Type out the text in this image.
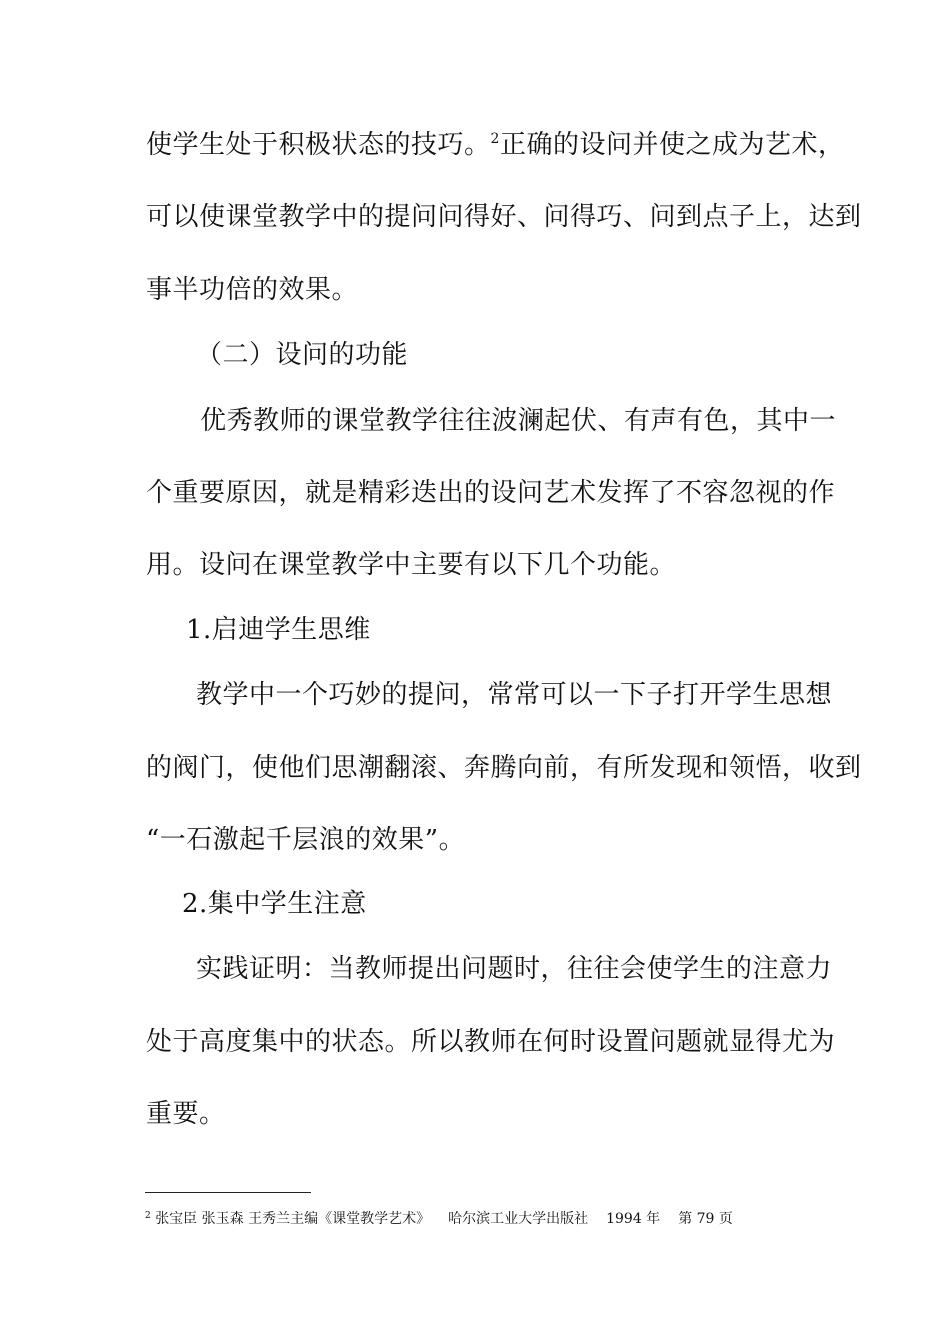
使学生处于积极状态的技巧。$^2$正确的设问并使之成为艺术，
可以使课堂教学中的提问问得好、问得巧、问到点子上，达到
事半功倍的效果。
（二）设问的功能
优秀教师的课堂教学往往波澜起伏、有声有色，其中一
个重要原因，就是精彩迭出的设问艺术发挥了不容忽视的作
用。设问在课堂教学中主要有以下几个功能。
1.启迪学生思维
教学中一个巧妙的提问，常常可以一下子打开学生思想
的阀门，使他们思潮翻滚、奔腾向前，有所发现和领悟，收到
“一石激起千层浪的效果”。
2.集中学生注意
实践证明：当教师提出问题时，往往会使学生的注意力
处于高度集中的状态。所以教师在何时设置问题就显得尤为
重要。
$^2$ 张宝臣 张玉森 王秀兰主编《课堂教学艺术》 哈尔滨工业大学出版社 1994 年 第 79 页
